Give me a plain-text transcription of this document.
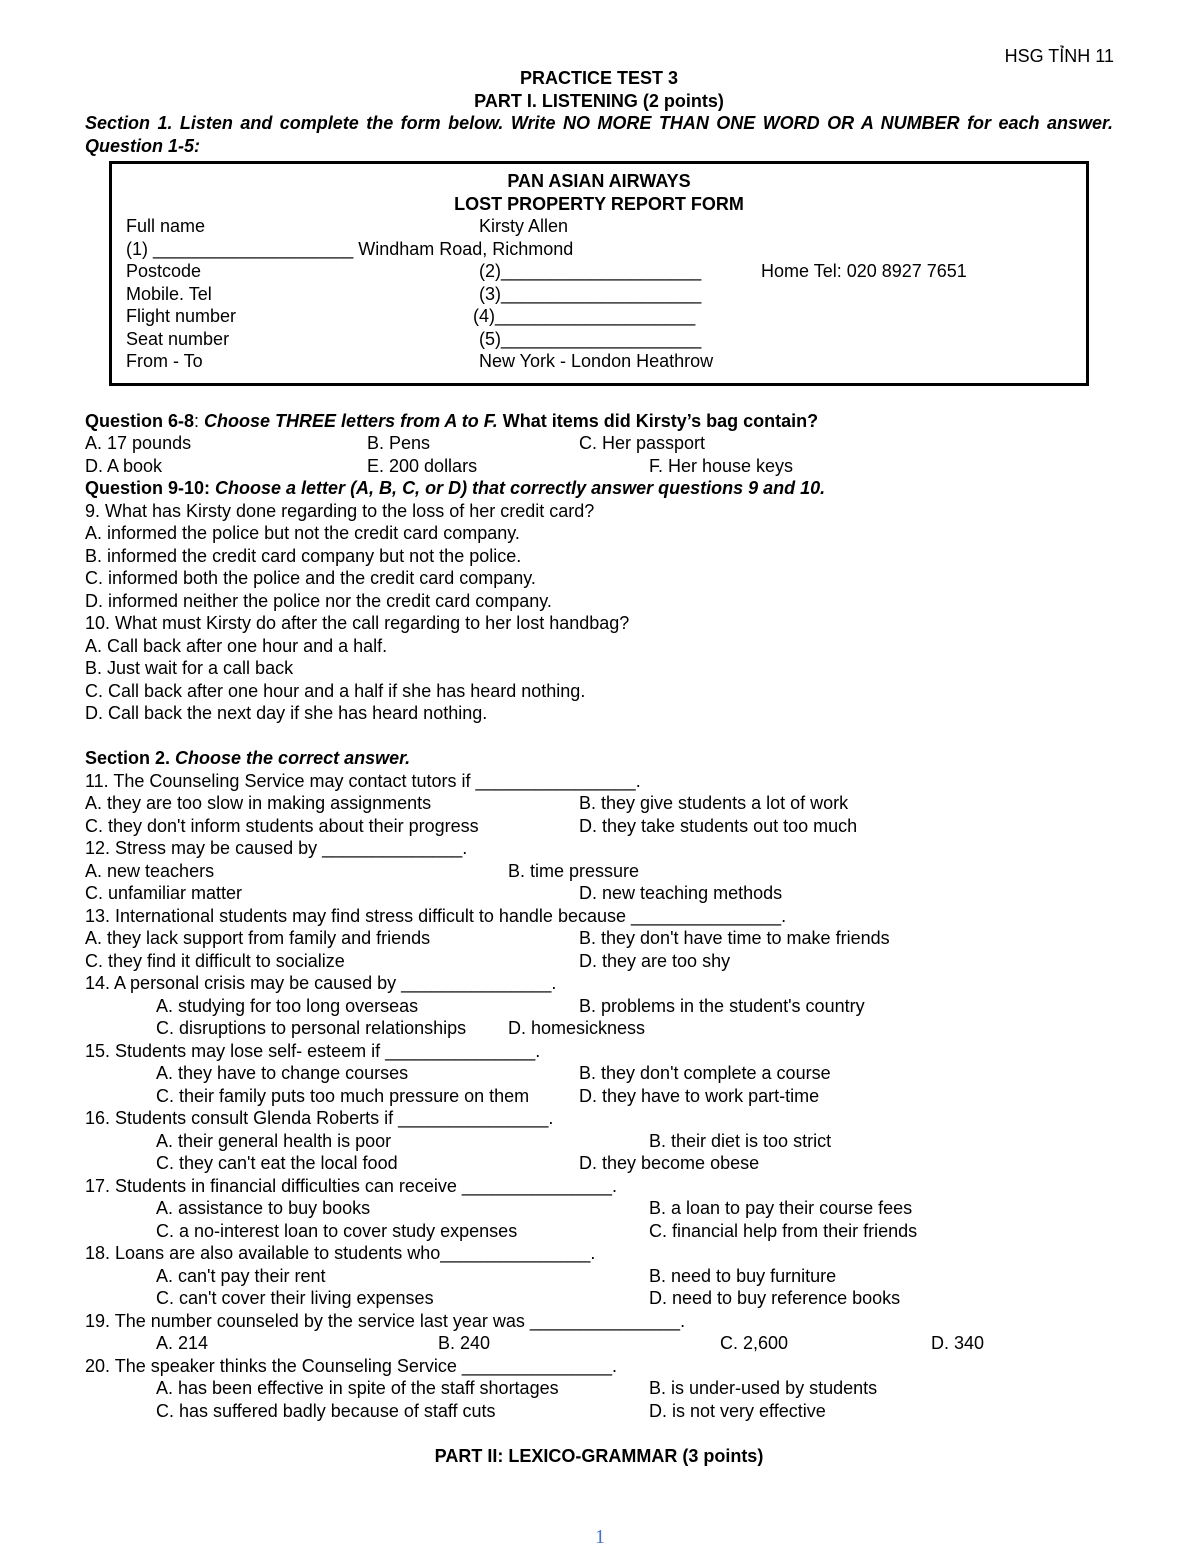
HSG TỈNH 11
PRACTICE TEST 3
PART I. LISTENING (2 points)
Section 1. Listen and complete the form below. Write NO MORE THAN ONE WORD OR A NUMBER for each answer. Question 1-5:
PAN ASIAN AIRWAYS
LOST PROPERTY REPORT FORM
Full name	Kirsty Allen
(1) ____________________ Windham Road, Richmond
Postcode	(2)____________________	Home Tel: 020 8927 7651
Mobile. Tel	(3)____________________
Flight number	(4)____________________
Seat number	(5)____________________
From - To	New York - London Heathrow
Question 6-8: Choose THREE letters from A to F. What items did Kirsty’s bag contain?
A. 17 pounds	B. Pens	C. Her passport
D. A book	E. 200 dollars	F. Her house keys
Question 9-10: Choose a letter (A, B, C, or D) that correctly answer questions 9 and 10.
9. What has Kirsty done regarding to the loss of her credit card?
A. informed the police but not the credit card company.
B. informed the credit card company but not the police.
C. informed both the police and the credit card company.
D. informed neither the police nor the credit card company.
10. What must Kirsty do after the call regarding to her lost handbag?
A. Call back after one hour and a half.
B. Just wait for a call back
C. Call back after one hour and a half if she has heard nothing.
D. Call back the next day if she has heard nothing.
Section 2. Choose the correct answer.
11. The Counseling Service may contact tutors if ________________.
A. they are too slow in making assignments	B. they give students a lot of work
C. they don't inform students about their progress	D. they take students out too much
12. Stress may be caused by ______________.
A. new teachers	B. time pressure
C. unfamiliar matter	D. new teaching methods
13. International students may find stress difficult to handle because _______________.
A. they lack support from family and friends	B. they don't have time to make friends
C. they find it difficult to socialize	D. they are too shy
14. A personal crisis may be caused by _______________.
A. studying for too long overseas	B. problems in the student's country
C. disruptions to personal relationships D. homesickness
15. Students may lose self- esteem if _______________.
A. they have to change courses	B. they don't complete a course
C. their family puts too much pressure on them	D. they have to work part-time
16. Students consult Glenda Roberts if _______________.
A. their general health is poor	B. their diet is too strict
C. they can't eat the local food	D. they become obese
17. Students in financial difficulties can receive _______________.
A. assistance to buy books	B. a loan to pay their course fees
C. a no-interest loan to cover study expenses	C. financial help from their friends
18. Loans are also available to students who_______________.
A. can't pay their rent	B. need to buy furniture
C. can't cover their living expenses	D. need to buy reference books
19. The number counseled by the service last year was _______________.
A. 214	B. 240	C. 2,600	D. 340
20. The speaker thinks the Counseling Service _______________.
A. has been effective in spite of the staff shortages	B. is under-used by students
C. has suffered badly because of staff cuts	D. is not very effective
PART II: LEXICO-GRAMMAR (3 points)
1
